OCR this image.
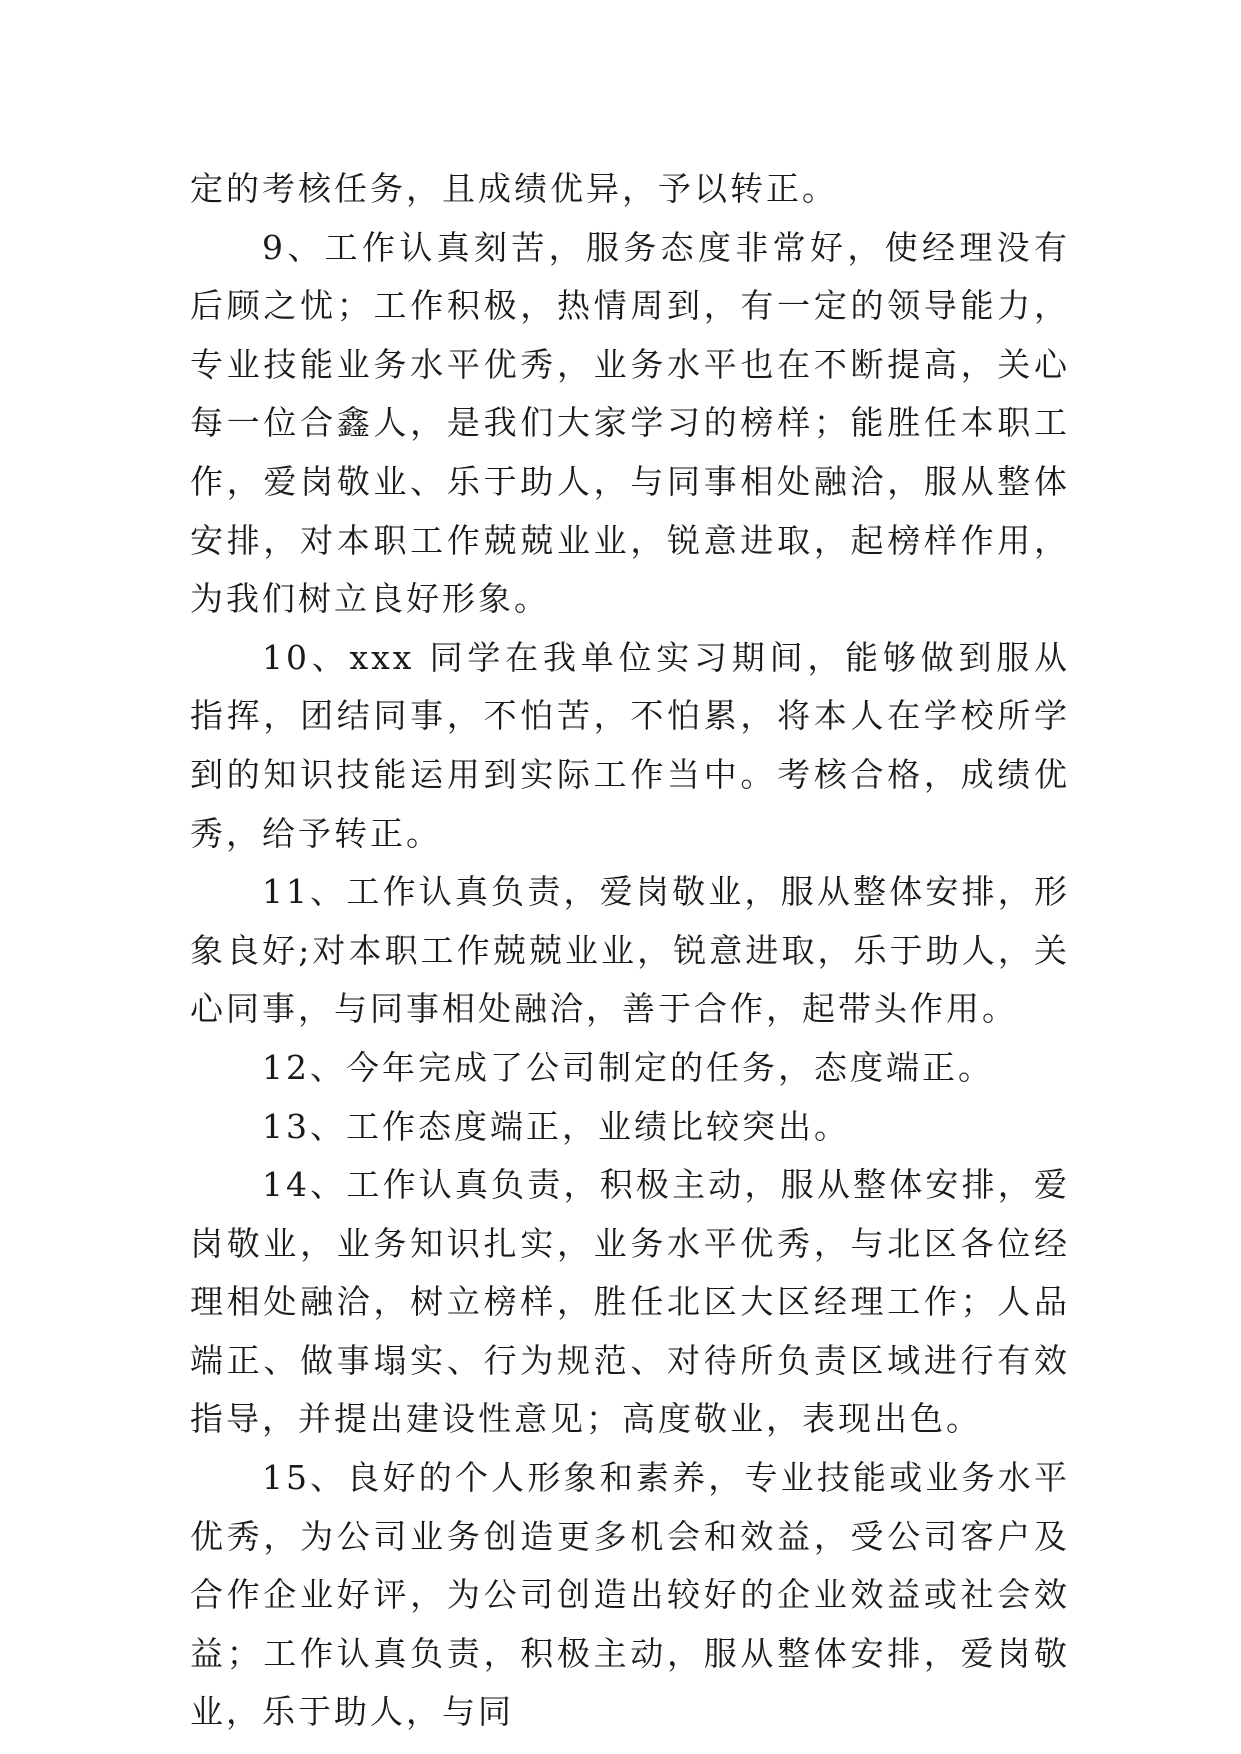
定的考核任务，且成绩优异，予以转正。

9、工作认真刻苦，服务态度非常好，使经理没有后顾之忧；工作积极，热情周到，有一定的领导能力，专业技能业务水平优秀，业务水平也在不断提高，关心每一位合鑫人，是我们大家学习的榜样；能胜任本职工作，爱岗敬业、乐于助人，与同事相处融洽，服从整体安排，对本职工作兢兢业业，锐意进取，起榜样作用，为我们树立良好形象。

10、xxx 同学在我单位实习期间，能够做到服从指挥，团结同事，不怕苦，不怕累，将本人在学校所学到的知识技能运用到实际工作当中。考核合格，成绩优秀，给予转正。

11、工作认真负责，爱岗敬业，服从整体安排，形象良好;对本职工作兢兢业业，锐意进取，乐于助人，关心同事，与同事相处融洽，善于合作，起带头作用。

12、今年完成了公司制定的任务，态度端正。

13、工作态度端正，业绩比较突出。

14、工作认真负责，积极主动，服从整体安排，爱岗敬业，业务知识扎实，业务水平优秀，与北区各位经理相处融洽，树立榜样，胜任北区大区经理工作；人品端正、做事塌实、行为规范、对待所负责区域进行有效指导，并提出建设性意见；高度敬业，表现出色。

15、良好的个人形象和素养，专业技能或业务水平优秀，为公司业务创造更多机会和效益，受公司客户及合作企业好评，为公司创造出较好的企业效益或社会效益；工作认真负责，积极主动，服从整体安排，爱岗敬业，乐于助人，与同
